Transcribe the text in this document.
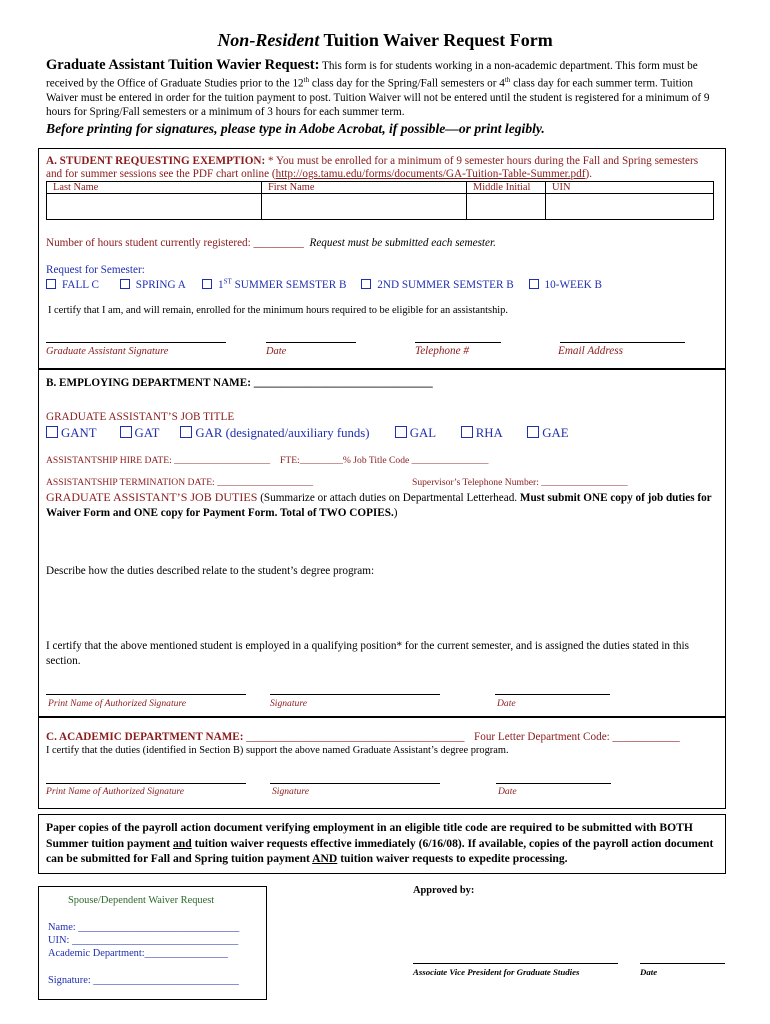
Non-Resident Tuition Waiver Request Form
Graduate Assistant Tuition Wavier Request: This form is for students working in a non-academic department. This form must be received by the Office of Graduate Studies prior to the 12th class day for the Spring/Fall semesters or 4th class day for each summer term. Tuition Waiver must be entered in order for the tuition payment to post. Tuition Waiver will not be entered until the student is registered for a minimum of 9 hours for Spring/Fall semesters or a minimum of 3 hours for each summer term.
Before printing for signatures, please type in Adobe Acrobat, if possible—or print legibly.
A. STUDENT REQUESTING EXEMPTION: * You must be enrolled for a minimum of 9 semester hours during the Fall and Spring semesters
and for summer sessions see the PDF chart online (http://ogs.tamu.edu/forms/documents/GA-Tuition-Table-Summer.pdf).
Last Name	First Name	Middle Initial	UIN

Number of hours student currently registered: _________ Request must be submitted each semester.
Request for Semester:
FALL C	SPRING A	1ST SUMMER SEMSTER B	2ND SUMMER SEMSTER B	10-WEEK B
I certify that I am, and will remain, enrolled for the minimum hours required to be eligible for an assistantship.
Graduate Assistant Signature	Date	Telephone #	Email Address
B. EMPLOYING DEPARTMENT NAME: ________________________________
GRADUATE ASSISTANT’S JOB TITLE
GANT	GAT	GAR (designated/auxiliary funds)	GAL	RHA	GAE
ASSISTANTSHIP HIRE DATE: ____________________ FTE:_________% Job Title Code ________________
ASSISTANTSHIP TERMINATION DATE: ____________________	Supervisor’s Telephone Number: __________________
GRADUATE ASSISTANT’S JOB DUTIES (Summarize or attach duties on Departmental Letterhead. Must submit ONE copy of job duties for Waiver Form and ONE copy for Payment Form. Total of TWO COPIES.)
Describe how the duties described relate to the student’s degree program:
I certify that the above mentioned student is employed in a qualifying position* for the current semester, and is assigned the duties stated in this section.
Print Name of Authorized Signature	Signature	Date
C. ACADEMIC DEPARTMENT NAME: _______________________________________ Four Letter Department Code: ____________
I certify that the duties (identified in Section B) support the above named Graduate Assistant’s degree program.
Print Name of Authorized Signature	Signature	Date
Paper copies of the payroll action document verifying employment in an eligible title code are required to be submitted with BOTH Summer tuition payment and tuition waiver requests effective immediately (6/16/08). If available, copies of the payroll action document can be submitted for Fall and Spring tuition payment AND tuition waiver requests to expedite processing.
Spouse/Dependent Waiver Request
Name: _______________________________
UIN: ________________________________
Academic Department:________________
Signature: ____________________________
Approved by:
Associate Vice President for Graduate Studies	Date
